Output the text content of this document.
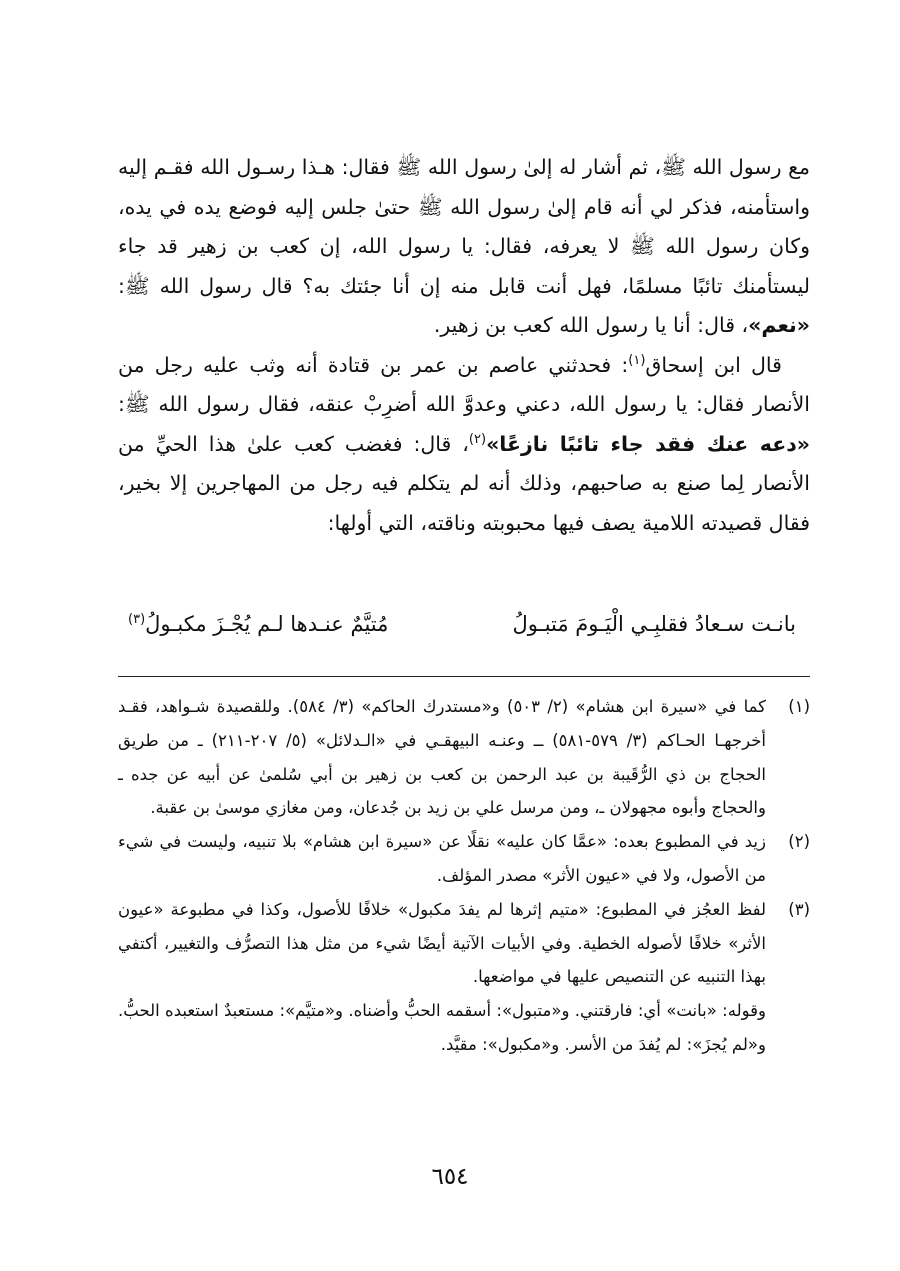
مع رسول الله ﷺ، ثم أشار له إلىٰ رسول الله ﷺ فقال: هـذا رسـول الله فقـم إليه واستأمنه، فذكر لي أنه قام إلىٰ رسول الله ﷺ حتىٰ جلس إليه فوضع يده في يده، وكان رسول الله ﷺ لا يعرفه، فقال: يا رسول الله، إن كعب بن زهير قد جاء ليستأمنك تائبًا مسلمًا، فهل أنت قابل منه إن أنا جئتك به؟ قال رسول الله ﷺ: «نعم»، قال: أنا يا رسول الله كعب بن زهير.

قال ابن إسحاق$^{(١)}$: فحدثني عاصم بن عمر بن قتادة أنه وثب عليه رجل من الأنصار فقال: يا رسول الله، دعني وعدوَّ الله أضرِبْ عنقه، فقال رسول الله ﷺ: «دعه عنك فقد جاء تائبًا نازعًا»$^{(٢)}$، قال: فغضب كعب علىٰ هذا الحيِّ من الأنصار لِما صنع به صاحبهم، وذلك أنه لم يتكلم فيه رجل من المهاجرين إلا بخير، فقال قصيدته اللامية يصف فيها محبوبته وناقته، التي أولها:

بانـت سـعادُ فقلبِـي الْيَـومَ مَتبـولُ
مُتيَّمٌ عنـدها لـم يُجْـزَ مكبـولُ$^{(٣)}$
(١)
كما في «سيرة ابن هشام» (٢/ ٥٠٣) و«مستدرك الحاكم» (٣/ ٥٨٤). وللقصيدة شـواهد، فقـد أخرجهـا الحـاكم (٣/ ٥٧٩-٥٨١) ــ وعنـه البيهقـي في «الـدلائل» (٥/ ٢٠٧-٢١١) ـ من طريق الحجاج بن ذي الرُّقَيبة بن عبد الرحمن بن كعب بن زهير بن أبي سُلمىٰ عن أبيه عن جده ـ والحجاج وأبوه مجهولان ـ، ومن مرسل علي بن زيد بن جُدعان، ومن مغازي موسىٰ بن عقبة.
(٢)
زيد في المطبوع بعده: «عمَّا كان عليه» نقلًا عن «سيرة ابن هشام» بلا تنبيه، وليست في شيء من الأصول، ولا في «عيون الأثر» مصدر المؤلف.
(٣)
لفظ العجُز في المطبوع: «متيم إثرها لم يفدَ مكبول» خلافًا للأصول، وكذا في مطبوعة «عيون الأثر» خلافًا لأصوله الخطية. وفي الأبيات الآتية أيضًا شيء من مثل هذا التصرُّف والتغيير، أكتفي بهذا التنبيه عن التنصيص عليها في مواضعها.
وقوله: «بانت» أي: فارقتني. و«متبول»: أسقمه الحبُّ وأضناه. و«متيَّم»: مستعبدٌ استعبده الحبُّ. و«لم يُجزَ»: لم يُفدَ من الأسر. و«مكبول»: مقيَّد.
٦٥٤
